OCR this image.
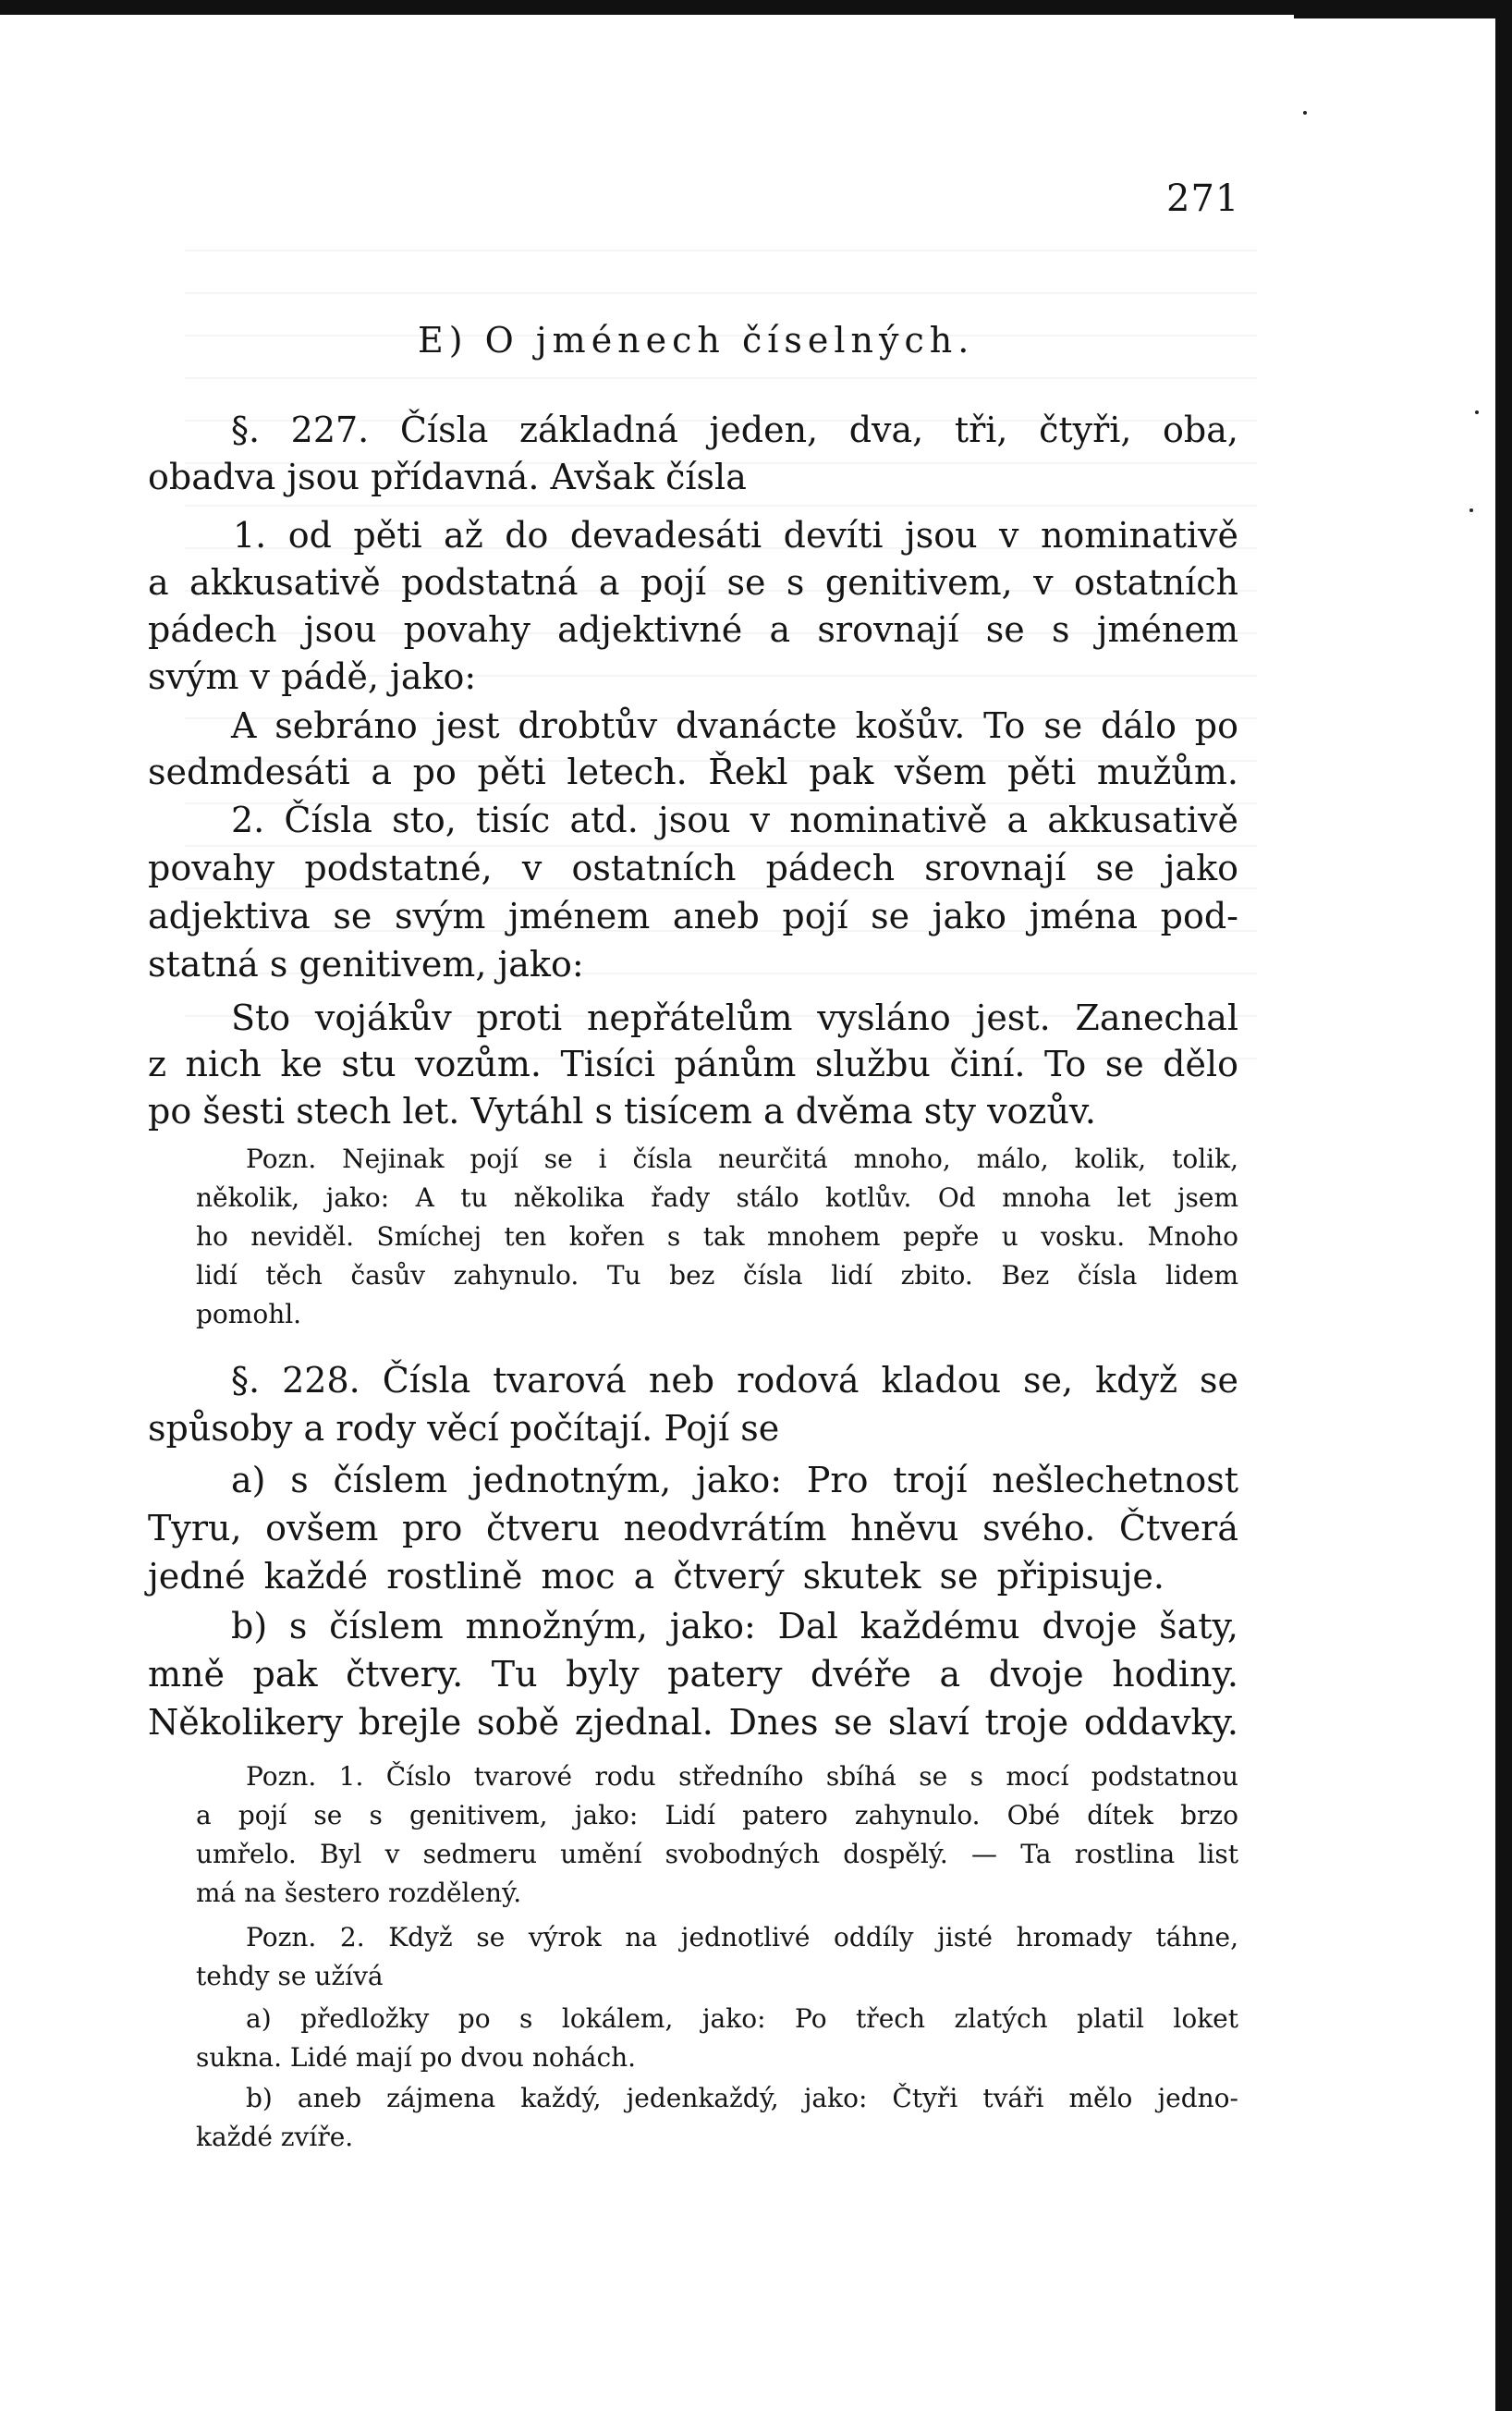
271
E) O jménech číselných.
§. 227. Čísla základná jeden, dva, tři, čtyři, oba,
obadva jsou přídavná. Avšak čísla
1. od pěti až do devadesáti devíti jsou v nominativě
a akkusativě podstatná a pojí se s genitivem, v ostatních
pádech jsou povahy adjektivné a srovnají se s jménem
svým v pádě, jako:
A sebráno jest drobtův dvanácte košův. To se dálo po
sedmdesáti a po pěti letech. Řekl pak všem pěti mužům.
2. Čísla sto, tisíc atd. jsou v nominativě a akkusativě
povahy podstatné, v ostatních pádech srovnají se jako
adjektiva se svým jménem aneb pojí se jako jména pod-
statná s genitivem, jako:
Sto vojákův proti nepřátelům vysláno jest. Zanechal
z nich ke stu vozům. Tisíci pánům službu činí. To se dělo
po šesti stech let. Vytáhl s tisícem a dvěma sty vozův.
Pozn. Nejinak pojí se i čísla neurčitá mnoho, málo, kolik, tolik,
několik, jako: A tu několika řady stálo kotlův. Od mnoha let jsem
ho neviděl. Smíchej ten kořen s tak mnohem pepře u vosku. Mnoho
lidí těch časův zahynulo. Tu bez čísla lidí zbito. Bez čísla lidem
pomohl.
§. 228. Čísla tvarová neb rodová kladou se, když se
spůsoby a rody věcí počítají. Pojí se
a) s číslem jednotným, jako: Pro trojí nešlechetnost
Tyru, ovšem pro čtveru neodvrátím hněvu svého. Čtverá
jedné každé rostlině moc a čtverý skutek se připisuje.
b) s číslem množným, jako: Dal každému dvoje šaty,
mně pak čtvery. Tu byly patery dvéře a dvoje hodiny.
Několikery brejle sobě zjednal. Dnes se slaví troje oddavky.
Pozn. 1. Číslo tvarové rodu středního sbíhá se s mocí podstatnou
a pojí se s genitivem, jako: Lidí patero zahynulo. Obé dítek brzo
umřelo. Byl v sedmeru umění svobodných dospělý. — Ta rostlina list
má na šestero rozdělený.
Pozn. 2. Když se výrok na jednotlivé oddíly jisté hromady táhne,
tehdy se užívá
a) předložky po s lokálem, jako: Po třech zlatých platil loket
sukna. Lidé mají po dvou nohách.
b) aneb zájmena každý, jedenkaždý, jako: Čtyři tváři mělo jedno-
každé zvíře.
